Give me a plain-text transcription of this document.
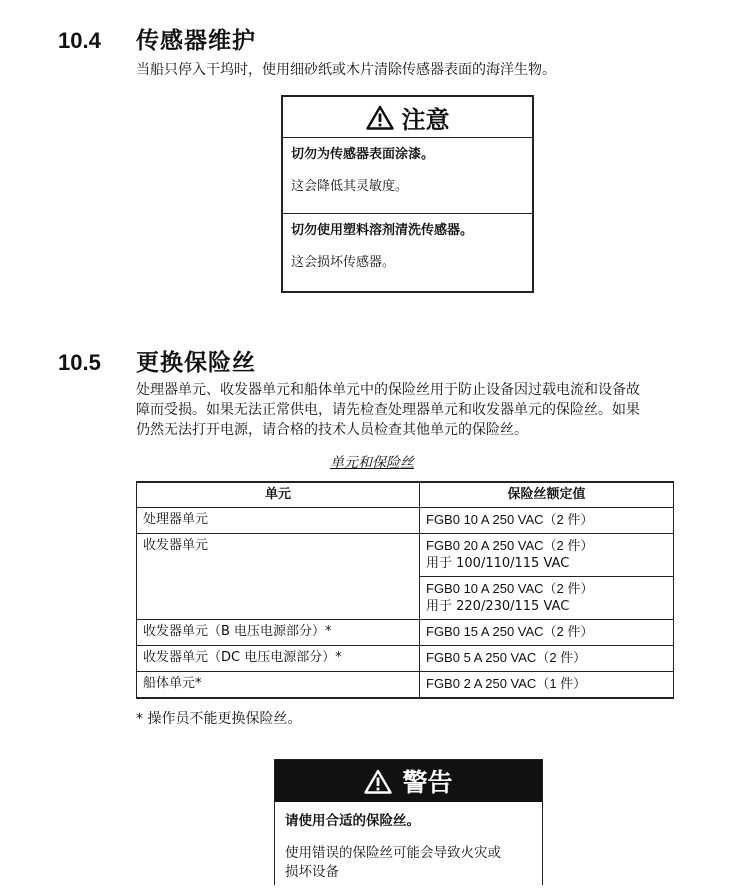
10.4	传感器维护
当船只停入干坞时，使用细砂纸或木片清除传感器表面的海洋生物。
注意
切勿为传感器表面涂漆。
这会降低其灵敏度。
切勿使用塑料溶剂清洗传感器。
这会损坏传感器。
10.5	更换保险丝
处理器单元、收发器单元和船体单元中的保险丝用于防止设备因过载电流和设备故
障而受损。如果无法正常供电，请先检查处理器单元和收发器单元的保险丝。如果
仍然无法打开电源，请合格的技术人员检查其他单元的保险丝。
单元和保险丝
单元	保险丝额定值
处理器单元	FGB0 10 A 250 VAC（2 件）
收发器单元	FGB0 20 A 250 VAC（2 件）
用于 100/110/115 VAC

	FGB0 10 A 250 VAC（2 件）
用于 220/230/115 VAC

收发器单元（B 电压电源部分）*	FGB0 15 A 250 VAC（2 件）
收发器单元（DC 电压电源部分）*	FGB0 5 A 250 VAC（2 件）
船体单元*	FGB0 2 A 250 VAC（1 件）
* 操作员不能更换保险丝。
警告
请使用合适的保险丝。
使用错误的保险丝可能会导致火灾或
损坏设备
